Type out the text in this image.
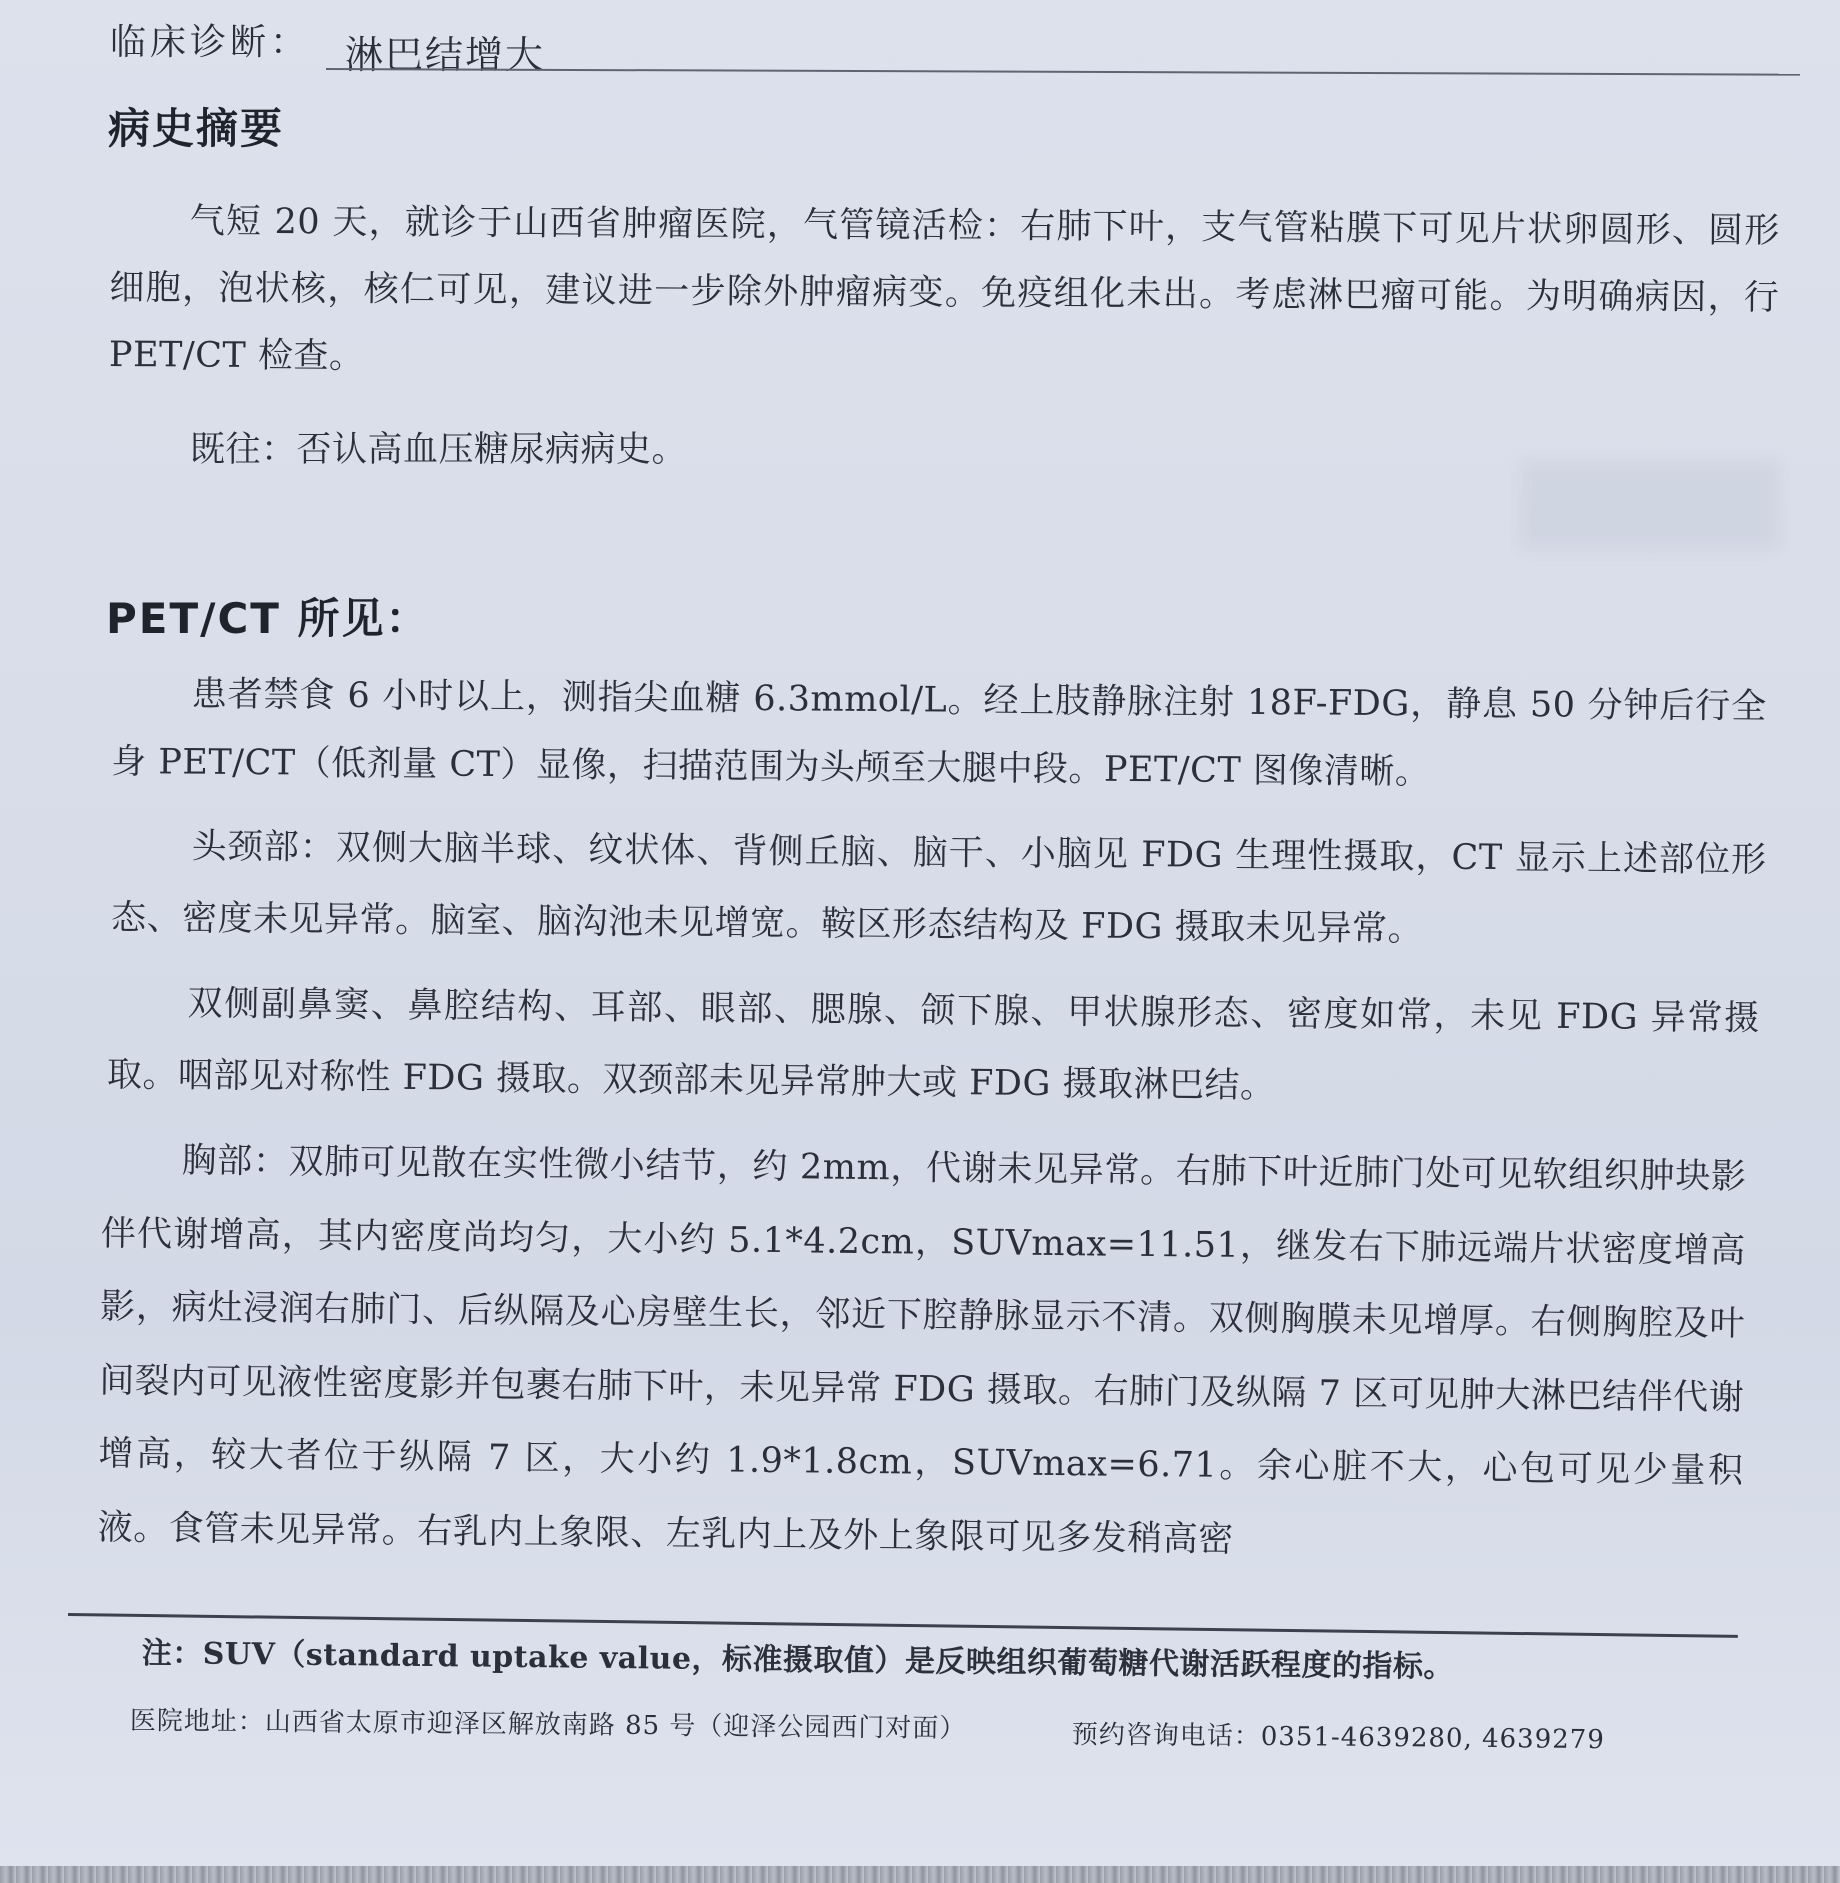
临床诊断： 淋巴结增大
病史摘要
气短 20 天，就诊于山西省肿瘤医院，气管镜活检：右肺下叶，支气管粘膜下可见片状卵圆形、圆形细胞，泡状核，核仁可见，建议进一步除外肿瘤病变。免疫组化未出。考虑淋巴瘤可能。为明确病因，行 PET/CT 检查。
既往：否认高血压糖尿病病史。
PET/CT 所见：
患者禁食 6 小时以上，测指尖血糖 6.3mmol/L。经上肢静脉注射 18F-FDG，静息 50 分钟后行全身 PET/CT（低剂量 CT）显像，扫描范围为头颅至大腿中段。PET/CT 图像清晰。
头颈部：双侧大脑半球、纹状体、背侧丘脑、脑干、小脑见 FDG 生理性摄取，CT 显示上述部位形态、密度未见异常。脑室、脑沟池未见增宽。鞍区形态结构及 FDG 摄取未见异常。
双侧副鼻窦、鼻腔结构、耳部、眼部、腮腺、颌下腺、甲状腺形态、密度如常，未见 FDG 异常摄取。咽部见对称性 FDG 摄取。双颈部未见异常肿大或 FDG 摄取淋巴结。
胸部：双肺可见散在实性微小结节，约 2mm，代谢未见异常。右肺下叶近肺门处可见软组织肿块影伴代谢增高，其内密度尚均匀，大小约 5.1*4.2cm，SUVmax=11.51，继发右下肺远端片状密度增高影，病灶浸润右肺门、后纵隔及心房壁生长，邻近下腔静脉显示不清。双侧胸膜未见增厚。右侧胸腔及叶间裂内可见液性密度影并包裹右肺下叶，未见异常 FDG 摄取。右肺门及纵隔 7 区可见肿大淋巴结伴代谢增高，较大者位于纵隔 7 区，大小约 1.9*1.8cm，SUVmax=6.71。余心脏不大，心包可见少量积液。食管未见异常。右乳内上象限、左乳内上及外上象限可见多发稍高密
注：SUV（standard uptake value，标准摄取值）是反映组织葡萄糖代谢活跃程度的指标。
医院地址：山西省太原市迎泽区解放南路 85 号（迎泽公园西门对面）	预约咨询电话：0351-4639280, 4639279
